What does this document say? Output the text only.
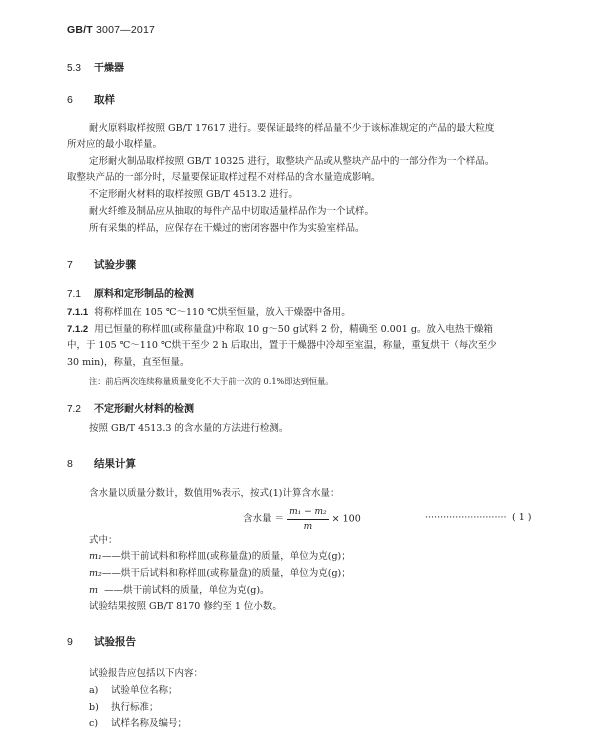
GB/T 3007—2017
5.3 干燥器
6 取样
耐火原料取样按照 GB/T 17617 进行。要保证最终的样品量不少于该标准规定的产品的最大粒度
所对应的最小取样量。
定形耐火制品取样按照 GB/T 10325 进行，取整块产品或从整块产品中的一部分作为一个样品。
取整块产品的一部分时，尽量要保证取样过程不对样品的含水量造成影响。
不定形耐火材料的取样按照 GB/T 4513.2 进行。
耐火纤维及制品应从抽取的每件产品中切取适量样品作为一个试样。
所有采集的样品，应保存在干燥过的密闭容器中作为实验室样品。
7 试验步骤
7.1 原料和定形制品的检测
7.1.1 将称样皿在 105 ℃～110 ℃烘至恒量，放入干燥器中备用。
7.1.2 用已恒量的称样皿(或称量盘)中称取 10 g～50 g试料 2 份，精确至 0.001 g。放入电热干燥箱
中，于 105 ℃～110 ℃烘干至少 2 h 后取出，置于干燥器中冷却至室温，称量，重复烘干（每次至少
30 min)，称量，直至恒量。
注：前后两次连续称量质量变化不大于前一次的 0.1%即达到恒量。
7.2 不定形耐火材料的检测
按照 GB/T 4513.3 的含水量的方法进行检测。
8 结果计算
含水量以质量分数计，数值用%表示，按式(1)计算含水量：
含水量 ＝ $\frac{\text{m₁ − m₂}}{m} \times 100$	··························· ( 1 )
式中：
m₁——烘干前试料和称样皿(或称量盘)的质量，单位为克(g)；
m₂——烘干后试料和称样皿(或称量盘)的质量，单位为克(g)；
m ——烘干前试料的质量，单位为克(g)。
试验结果按照 GB/T 8170 修约至 1 位小数。
9 试验报告
试验报告应包括以下内容：
a) 试验单位名称；
b) 执行标准；
c) 试样名称及编号；
